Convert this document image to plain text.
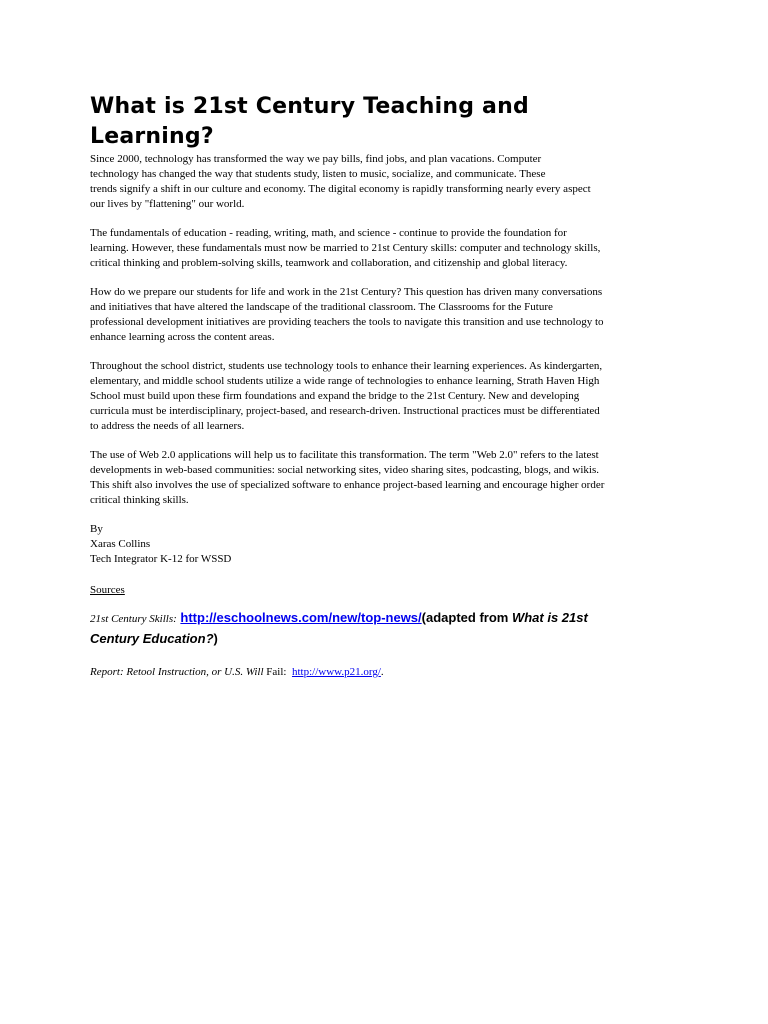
What is 21st Century Teaching and
Learning?
Since 2000, technology has transformed the way we pay bills, find jobs, and plan vacations. Computer
technology has changed the way that students study, listen to music, socialize, and communicate. These
trends signify a shift in our culture and economy. The digital economy is rapidly transforming nearly every aspect
our lives by "flattening" our world.
The fundamentals of education - reading, writing, math, and science - continue to provide the foundation for
learning. However, these fundamentals must now be married to 21st Century skills: computer and technology skills,
critical thinking and problem-solving skills, teamwork and collaboration, and citizenship and global literacy.
How do we prepare our students for life and work in the 21st Century? This question has driven many conversations
and initiatives that have altered the landscape of the traditional classroom. The Classrooms for the Future
professional development initiatives are providing teachers the tools to navigate this transition and use technology to
enhance learning across the content areas.
Throughout the school district, students use technology tools to enhance their learning experiences. As kindergarten,
elementary, and middle school students utilize a wide range of technologies to enhance learning, Strath Haven High
School must build upon these firm foundations and expand the bridge to the 21st Century. New and developing
curricula must be interdisciplinary, project-based, and research-driven. Instructional practices must be differentiated
to address the needs of all learners.
The use of Web 2.0 applications will help us to facilitate this transformation. The term "Web 2.0" refers to the latest
developments in web-based communities: social networking sites, video sharing sites, podcasting, blogs, and wikis.
This shift also involves the use of specialized software to enhance project-based learning and encourage higher order
critical thinking skills.
By
Xaras Collins
Tech Integrator K-12 for WSSD
Sources
21st Century Skills: http://eschoolnews.com/new/top-news/(adapted from What is 21st
Century Education?)
Report: Retool Instruction, or U.S. Will Fail:  http://www.p21.org/.
